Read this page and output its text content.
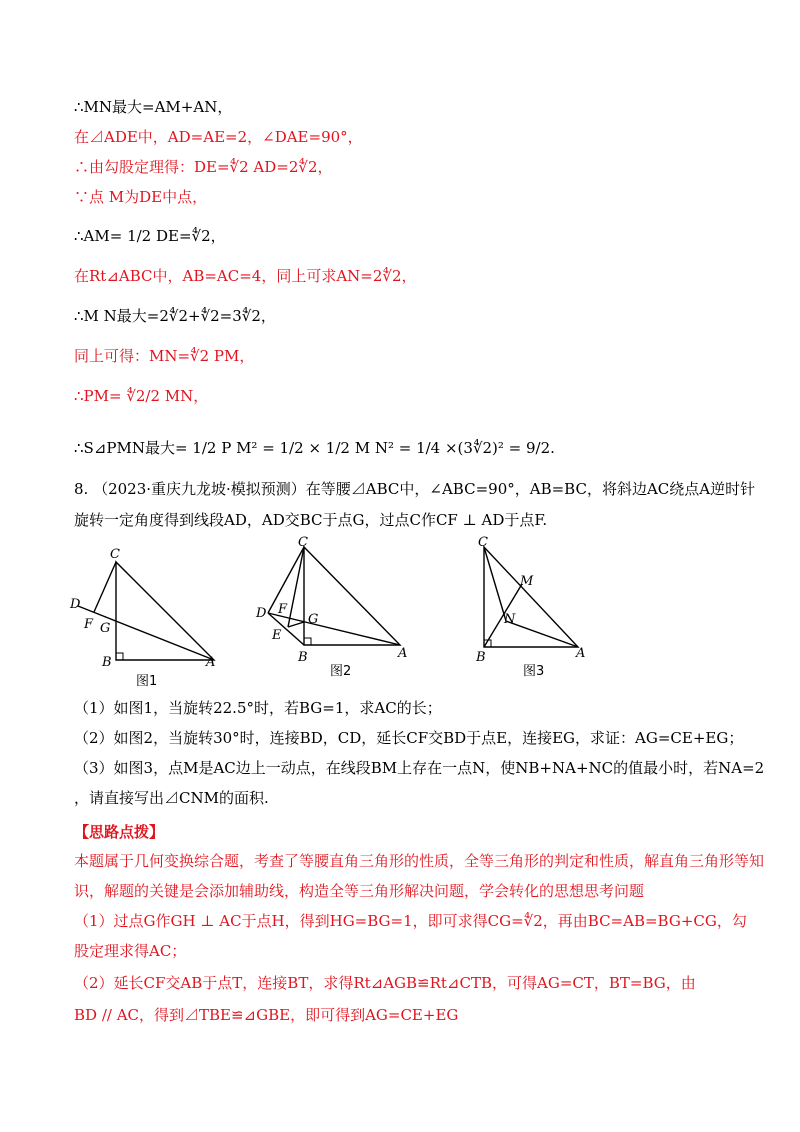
∴MN最大=AM+AN，
在⊿ADE中，AD=AE=2，∠DAE=90°，
∴由勾股定理得：DE=∜2 AD=2∜2，
∵点 M为DE中点，
∴AM= 1/2 DE=∜2，
在Rt⊿ABC中，AB=AC=4，同上可求AN=2∜2，
∴M N最大=2∜2+∜2=3∜2，
同上可得：MN=∜2 PM，
∴PM= ∜2/2 MN，
∴S⊿PMN最大= 1/2 P M² = 1/2 × 1/2 M N² = 1/4 ×(3∜2)² = 9/2.
8. （2023·重庆九龙坡·模拟预测）在等腰⊿ABC中，∠ABC=90°，AB=BC，将斜边AC绕点A逆时针
旋转一定角度得到线段AD，AD交BC于点G，过点C作CF ⊥ AD于点F.
C
D
F G
B	A
图1
C
D F
G
E
B	A
图2
C
M
N
B	A
图3
（1）如图1，当旋转22.5°时，若BG=1，求AC的长；
（2）如图2，当旋转30°时，连接BD，CD，延长CF交BD于点E，连接EG，求证：AG=CE+EG；
（3）如图3，点M是AC边上一动点，在线段BM上存在一点N，使NB+NA+NC的值最小时，若NA=2
，请直接写出⊿CNM的面积.
【思路点拨】
本题属于几何变换综合题，考查了等腰直角三角形的性质，全等三角形的判定和性质，解直角三角形等知
识，解题的关键是会添加辅助线，构造全等三角形解决问题，学会转化的思想思考问题
（1）过点G作GH ⊥ AC于点H，得到HG=BG=1，即可求得CG=∜2，再由BC=AB=BG+CG，勾
股定理求得AC；
（2）延长CF交AB于点T，连接BT，求得Rt⊿AGB≌Rt⊿CTB，可得AG=CT，BT=BG，由
BD // AC，得到⊿TBE≌⊿GBE，即可得到AG=CE+EG
